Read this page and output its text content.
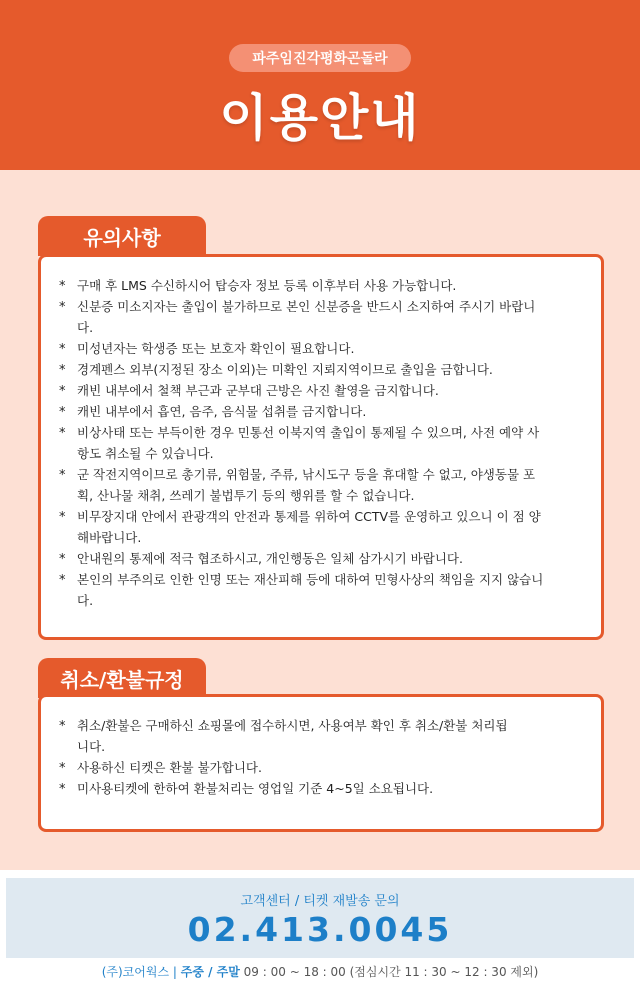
파주임진각평화곤돌라
이용안내
유의사항
* 구매 후 LMS 수신하시어 탑승자 정보 등록 이후부터 사용 가능합니다.
* 신분증 미소지자는 출입이 불가하므로 본인 신분증을 반드시 소지하여 주시기 바랍니다.
* 미성년자는 학생증 또는 보호자 확인이 필요합니다.
* 경계펜스 외부(지정된 장소 이외)는 미확인 지뢰지역이므로 출입을 금합니다.
* 캐빈 내부에서 철책 부근과 군부대 근방은 사진 촬영을 금지합니다.
* 캐빈 내부에서 흡연, 음주, 음식물 섭취를 금지합니다.
* 비상사태 또는 부득이한 경우 민통선 이북지역 출입이 통제될 수 있으며, 사전 예약 사항도 취소될 수 있습니다.
* 군 작전지역이므로 총기류, 위험물, 주류, 낚시도구 등을 휴대할 수 없고, 야생동물 포획, 산나물 채취, 쓰레기 불법투기 등의 행위를 할 수 없습니다.
* 비무장지대 안에서 관광객의 안전과 통제를 위하여 CCTV를 운영하고 있으니 이 점 양해바랍니다.
* 안내원의 통제에 적극 협조하시고, 개인행동은 일체 삼가시기 바랍니다.
* 본인의 부주의로 인한 인명 또는 재산피해 등에 대하여 민형사상의 책임을 지지 않습니다.
취소/환불규정
* 취소/환불은 구매하신 쇼핑몰에 접수하시면, 사용여부 확인 후 취소/환불 처리됩니다.
* 사용하신 티켓은 환불 불가합니다.
* 미사용티켓에 한하여 환불처리는 영업일 기준 4~5일 소요됩니다.
고객센터 / 티켓 재발송 문의
02.413.0045
(주)코어웍스 | 주중 / 주말 09 : 00 ~ 18 : 00 (점심시간 11 : 30 ~ 12 : 30 제외)
